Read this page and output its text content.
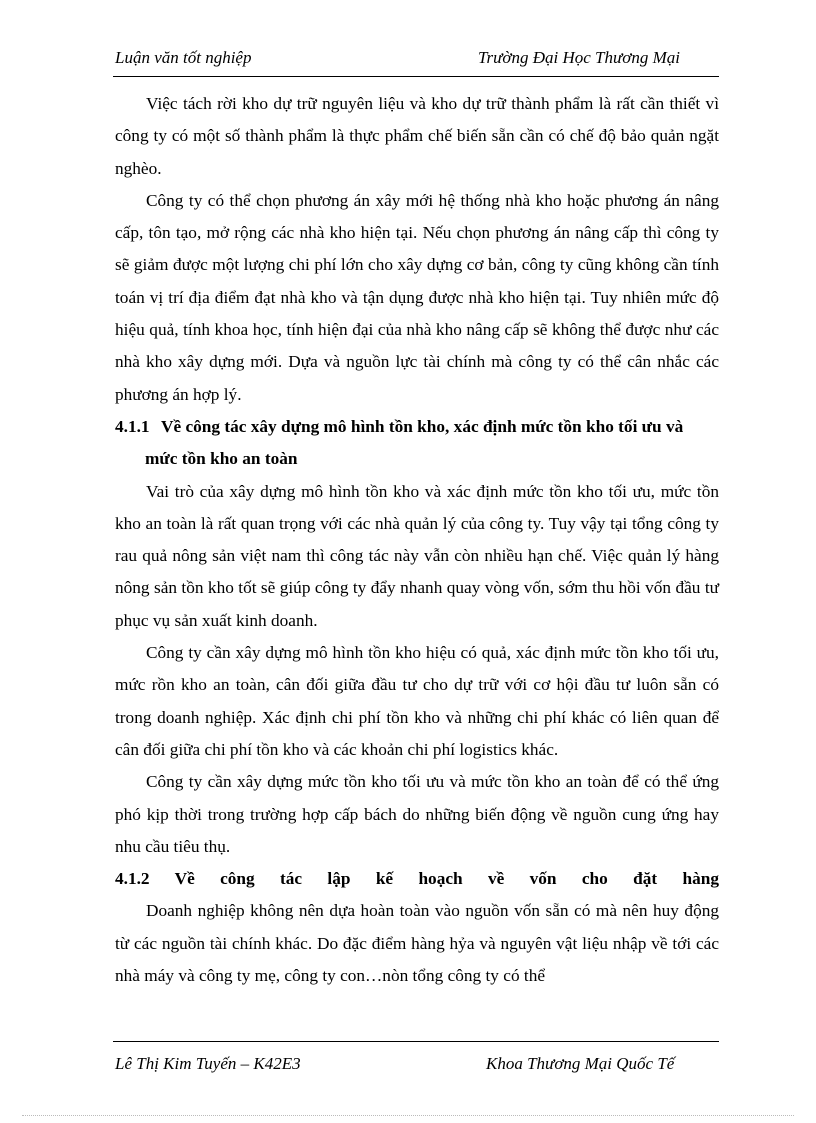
Luận văn tốt nghiệp	Trường Đại Học Thương Mại

Việc tách rời kho dự trữ nguyên liệu và kho dự trữ thành phẩm là rất cần thiết vì công ty có một số thành phẩm là thực phẩm chế biến sẵn cần có chế độ bảo quản ngặt nghèo.

Công ty có thể chọn phương án xây mới hệ thống nhà kho hoặc phương án nâng cấp, tôn tạo, mở rộng các nhà kho hiện tại. Nếu chọn phương án nâng cấp thì công ty sẽ giảm được một lượng chi phí lớn cho xây dựng cơ bản, công ty cũng không cần tính toán vị trí địa điểm đạt nhà kho và tận dụng được nhà kho hiện tại. Tuy nhiên mức độ hiệu quả, tính khoa học, tính hiện đại của nhà kho nâng cấp sẽ không thể được như các nhà kho xây dựng mới. Dựa và nguồn lực tài chính mà công ty có thể cân nhắc các phương án hợp lý.

4.1.1 Về công tác xây dựng mô hình tồn kho, xác định mức tồn kho tối ưu và mức tồn kho an toàn

Vai trò của xây dựng mô hình tồn kho và xác định mức tồn kho tối ưu, mức tồn kho an toàn là rất quan trọng với các nhà quản lý của công ty. Tuy vậy tại tổng công ty rau quả nông sản việt nam thì công tác này vẫn còn nhiều hạn chế. Việc quản lý hàng nông sản tồn kho tốt sẽ giúp công ty đẩy nhanh quay vòng vốn, sớm thu hồi vốn đầu tư phục vụ sản xuất kinh doanh.

Công ty cần xây dựng mô hình tồn kho hiệu có quả, xác định mức tồn kho tối ưu, mức rồn kho an toàn, cân đối giữa đầu tư cho dự trữ với cơ hội đầu tư luôn sẵn có trong doanh nghiệp. Xác định chi phí tồn kho và những chi phí khác có liên quan để cân đối giữa chi phí tồn kho và các khoản chi phí logistics khác.

Công ty cần xây dựng mức tồn kho tối ưu và mức tồn kho an toàn để có thể ứng phó kịp thời trong trường hợp cấp bách do những biến động về nguồn cung ứng hay nhu cầu tiêu thụ.

4.1.2 Về công tác lập kế hoạch về vốn cho đặt hàng

Doanh nghiệp không nên dựa hoàn toàn vào nguồn vốn sẵn có mà nên huy động từ các nguồn tài chính khác. Do đặc điểm hàng hỷa và nguyên vật liệu nhập về tới các nhà máy và công ty mẹ, công ty con…nòn tổng công ty có thể

Lê Thị Kim Tuyến – K42E3	Khoa Thương Mại Quốc Tế
